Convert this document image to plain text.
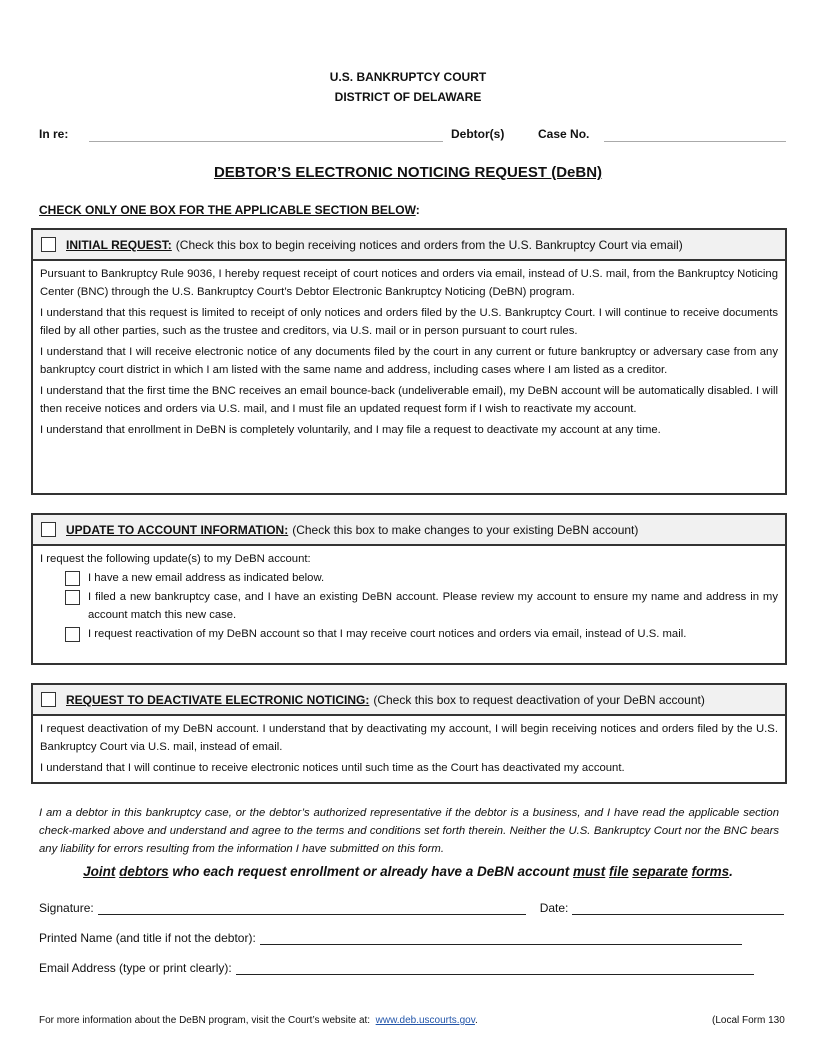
U.S. BANKRUPTCY COURT
DISTRICT OF DELAWARE
In re:	Debtor(s)	Case No.
DEBTOR’S ELECTRONIC NOTICING REQUEST (DeBN)
CHECK ONLY ONE BOX FOR THE APPLICABLE SECTION BELOW:
INITIAL REQUEST: (Check this box to begin receiving notices and orders from the U.S. Bankruptcy Court via email)

Pursuant to Bankruptcy Rule 9036, I hereby request receipt of court notices and orders via email, instead of U.S. mail, from the Bankruptcy Noticing Center (BNC) through the U.S. Bankruptcy Court’s Debtor Electronic Bankruptcy Noticing (DeBN) program.

I understand that this request is limited to receipt of only notices and orders filed by the U.S. Bankruptcy Court. I will continue to receive documents filed by all other parties, such as the trustee and creditors, via U.S. mail or in person pursuant to court rules.

I understand that I will receive electronic notice of any documents filed by the court in any current or future bankruptcy or adversary case from any bankruptcy court district in which I am listed with the same name and address, including cases where I am listed as a creditor.

I understand that the first time the BNC receives an email bounce-back (undeliverable email), my DeBN account will be automatically disabled. I will then receive notices and orders via U.S. mail, and I must file an updated request form if I wish to reactivate my account.

I understand that enrollment in DeBN is completely voluntarily, and I may file a request to deactivate my account at any time.

UPDATE TO ACCOUNT INFORMATION: (Check this box to make changes to your existing DeBN account)

I request the following update(s) to my DeBN account:

I have a new email address as indicated below.
I filed a new bankruptcy case, and I have an existing DeBN account. Please review my account to ensure my name and address in my account match this new case.
I request reactivation of my DeBN account so that I may receive court notices and orders via email, instead of U.S. mail.
REQUEST TO DEACTIVATE ELECTRONIC NOTICING: (Check this box to request deactivation of your DeBN account)

I request deactivation of my DeBN account. I understand that by deactivating my account, I will begin receiving notices and orders filed by the U.S. Bankruptcy Court via U.S. mail, instead of email.

I understand that I will continue to receive electronic notices until such time as the Court has deactivated my account.

I am a debtor in this bankruptcy case, or the debtor’s authorized representative if the debtor is a business, and I have read the applicable section check-marked above and understand and agree to the terms and conditions set forth therein. Neither the U.S. Bankruptcy Court nor the BNC bears any liability for errors resulting from the information I have submitted on this form.
Joint debtors who each request enrollment or already have a DeBN account must file separate forms.
Signature:	Date:
Printed Name (and title if not the debtor):
Email Address (type or print clearly):
For more information about the DeBN program, visit the Court’s website at: www.deb.uscourts.gov.	(Local Form 130
